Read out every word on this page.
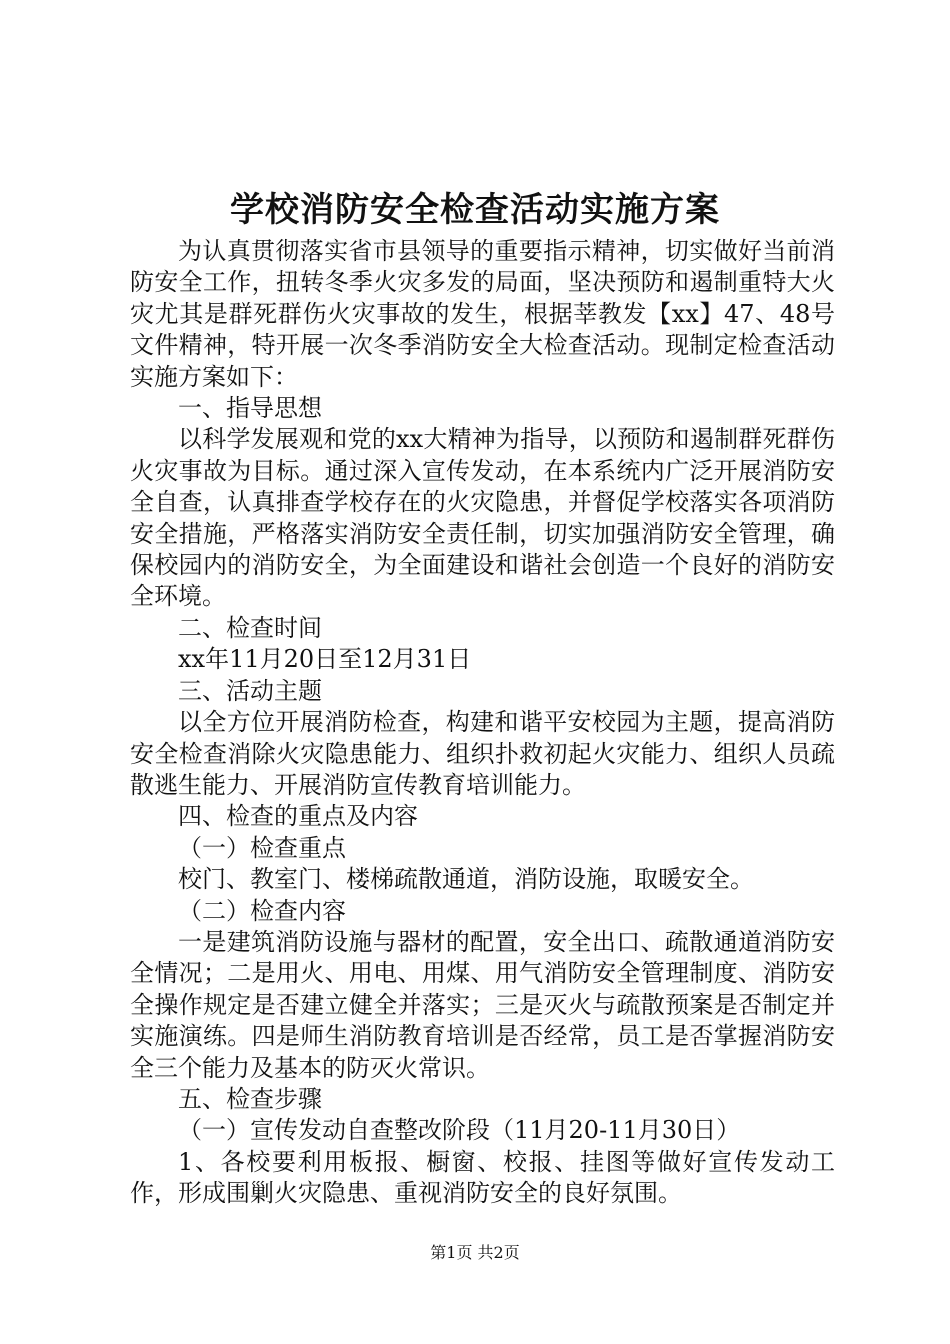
学校消防安全检查活动实施方案

为认真贯彻落实省市县领导的重要指示精神，切实做好当前消防安全工作，扭转冬季火灾多发的局面，坚决预防和遏制重特大火灾尤其是群死群伤火灾事故的发生，根据莘教发【xx】47、48号文件精神，特开展一次冬季消防安全大检查活动。现制定检查活动实施方案如下：

一、指导思想

以科学发展观和党的xx大精神为指导，以预防和遏制群死群伤火灾事故为目标。通过深入宣传发动，在本系统内广泛开展消防安全自查，认真排查学校存在的火灾隐患，并督促学校落实各项消防安全措施，严格落实消防安全责任制，切实加强消防安全管理，确保校园内的消防安全，为全面建设和谐社会创造一个良好的消防安全环境。

二、检查时间

xx年11月20日至12月31日

三、活动主题

以全方位开展消防检查，构建和谐平安校园为主题，提高消防安全检查消除火灾隐患能力、组织扑救初起火灾能力、组织人员疏散逃生能力、开展消防宣传教育培训能力。

四、检查的重点及内容

（一）检查重点

校门、教室门、楼梯疏散通道，消防设施，取暖安全。

（二）检查内容

一是建筑消防设施与器材的配置，安全出口、疏散通道消防安全情况；二是用火、用电、用煤、用气消防安全管理制度、消防安全操作规定是否建立健全并落实；三是灭火与疏散预案是否制定并实施演练。四是师生消防教育培训是否经常，员工是否掌握消防安全三个能力及基本的防灭火常识。

五、检查步骤

（一）宣传发动自查整改阶段（11月20-11月30日）

1、各校要利用板报、橱窗、校报、挂图等做好宣传发动工作，形成围剿火灾隐患、重视消防安全的良好氛围。

第1页 共2页
